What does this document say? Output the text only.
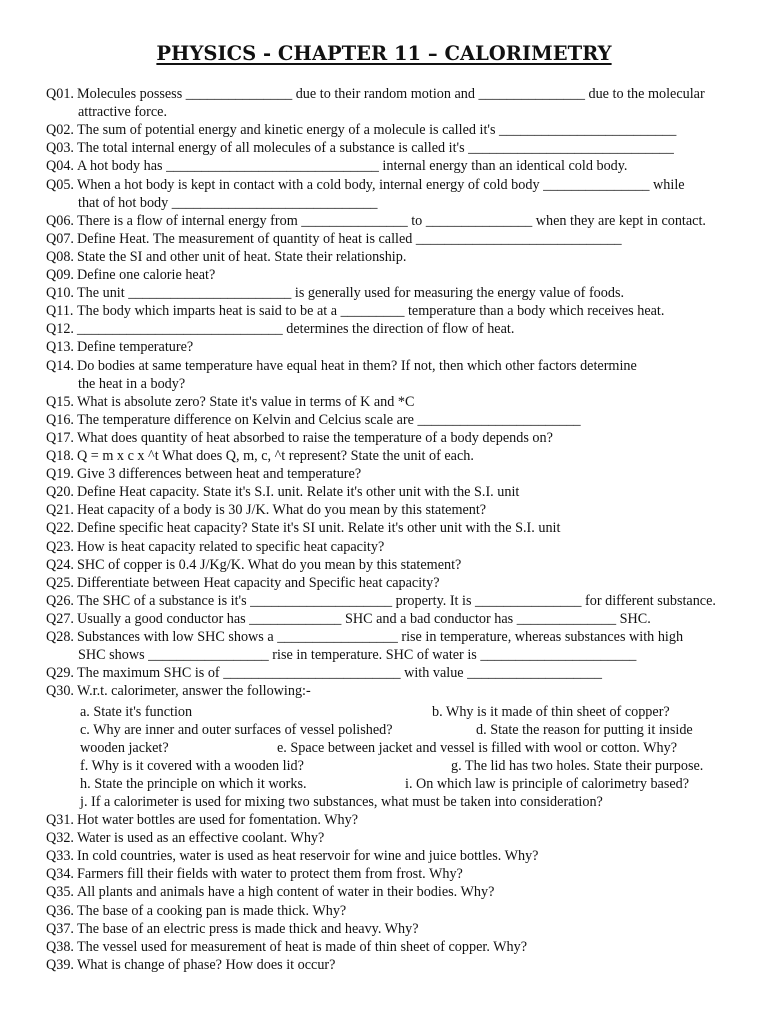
PHYSICS - CHAPTER 11 – CALORIMETRY
Q01. Molecules possess _______________ due to their random motion and _______________ due to the molecular
attractive force.
Q02. The sum of potential energy and kinetic energy of a molecule is called it's _________________________
Q03. The total internal energy of all molecules of a substance is called it's _____________________________
Q04. A hot body has ______________________________ internal energy than an identical cold body.
Q05. When a hot body is kept in contact with a cold body, internal energy of cold body _______________ while
that of hot body _____________________________
Q06. There is a flow of internal energy from _______________ to _______________ when they are kept in contact.
Q07. Define Heat. The measurement of quantity of heat is called _____________________________
Q08. State the SI and other unit of heat. State their relationship.
Q09. Define one calorie heat?
Q10. The unit _______________________ is generally used for measuring the energy value of foods.
Q11. The body which imparts heat is said to be at a _________ temperature than a body which receives heat.
Q12. _____________________________ determines the direction of flow of heat.
Q13. Define temperature?
Q14. Do bodies at same temperature have equal heat in them? If not, then which other factors determine
the heat in a body?
Q15. What is absolute zero? State it's value in terms of K and *C
Q16. The temperature difference on Kelvin and Celcius scale are _______________________
Q17. What does quantity of heat absorbed to raise the temperature of a body depends on?
Q18. Q = m x c x ^t What does Q, m, c, ^t represent? State the unit of each.
Q19. Give 3 differences between heat and temperature?
Q20. Define Heat capacity. State it's S.I. unit. Relate it's other unit with the S.I. unit
Q21. Heat capacity of a body is 30 J/K. What do you mean by this statement?
Q22. Define specific heat capacity? State it's SI unit. Relate it's other unit with the S.I. unit
Q23. How is heat capacity related to specific heat capacity?
Q24. SHC of copper is 0.4 J/Kg/K. What do you mean by this statement?
Q25. Differentiate between Heat capacity and Specific heat capacity?
Q26. The SHC of a substance is it's ____________________ property. It is _______________ for different substance.
Q27. Usually a good conductor has _____________ SHC and a bad conductor has ______________ SHC.
Q28. Substances with low SHC shows a _________________ rise in temperature, whereas substances with high
SHC shows _________________ rise in temperature. SHC of water is ______________________
Q29. The maximum SHC is of _________________________ with value ___________________
Q30. W.r.t. calorimeter, answer the following:-
a. State it's function	b. Why is it made of thin sheet of copper?
c. Why are inner and outer surfaces of vessel polished?	d. State the reason for putting it inside
wooden jacket?	e. Space between jacket and vessel is filled with wool or cotton. Why?
f. Why is it covered with a wooden lid?	g. The lid has two holes. State their purpose.
h. State the principle on which it works.	i. On which law is principle of calorimetry based?
j. If a calorimeter is used for mixing two substances, what must be taken into consideration?
Q31. Hot water bottles are used for fomentation. Why?
Q32. Water is used as an effective coolant. Why?
Q33. In cold countries, water is used as heat reservoir for wine and juice bottles. Why?
Q34. Farmers fill their fields with water to protect them from frost. Why?
Q35. All plants and animals have a high content of water in their bodies. Why?
Q36. The base of a cooking pan is made thick. Why?
Q37. The base of an electric press is made thick and heavy. Why?
Q38. The vessel used for measurement of heat is made of thin sheet of copper. Why?
Q39. What is change of phase? How does it occur?
